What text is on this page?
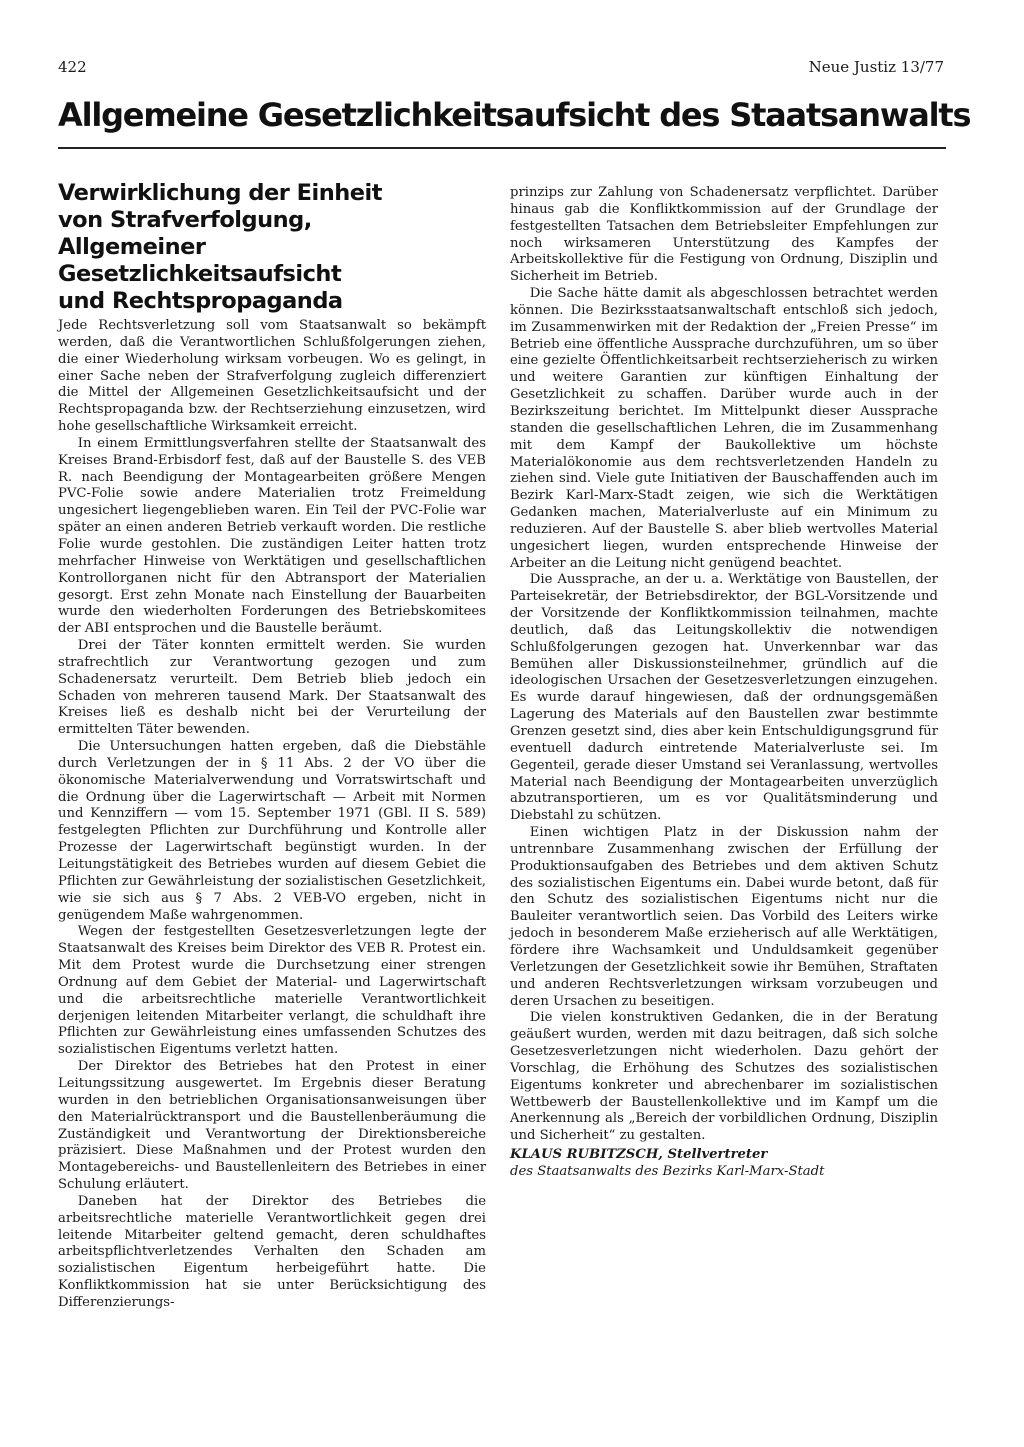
422	Neue Justiz 13/77
Allgemeine Gesetzlichkeitsaufsicht des Staatsanwalts
Verwirklichung der Einheit
von Strafverfolgung,
Allgemeiner Gesetzlichkeitsaufsicht
und Rechtspropaganda

Jede Rechtsverletzung soll vom Staatsanwalt so bekämpft werden, daß die Verantwortlichen Schlußfolgerungen ziehen, die einer Wiederholung wirksam vorbeugen. Wo es gelingt, in einer Sache neben der Strafverfolgung zugleich differenziert die Mittel der Allgemeinen Gesetzlichkeitsaufsicht und der Rechtspropaganda bzw. der Rechtserziehung einzusetzen, wird hohe gesellschaftliche Wirksamkeit erreicht.

In einem Ermittlungsverfahren stellte der Staatsanwalt des Kreises Brand-Erbisdorf fest, daß auf der Baustelle S. des VEB R. nach Beendigung der Montagearbeiten größere Mengen PVC-Folie sowie andere Materialien trotz Freimeldung ungesichert liegengeblieben waren. Ein Teil der PVC-Folie war später an einen anderen Betrieb verkauft worden. Die restliche Folie wurde gestohlen. Die zuständigen Leiter hatten trotz mehrfacher Hinweise von Werktätigen und gesellschaftlichen Kontrollorganen nicht für den Abtransport der Materialien gesorgt. Erst zehn Monate nach Einstellung der Bauarbeiten wurde den wiederholten Forderungen des Betriebskomitees der ABI entsprochen und die Baustelle beräumt.

Drei der Täter konnten ermittelt werden. Sie wurden strafrechtlich zur Verantwortung gezogen und zum Schadenersatz verurteilt. Dem Betrieb blieb jedoch ein Schaden von mehreren tausend Mark. Der Staatsanwalt des Kreises ließ es deshalb nicht bei der Verurteilung der ermittelten Täter bewenden.

Die Untersuchungen hatten ergeben, daß die Diebstähle durch Verletzungen der in § 11 Abs. 2 der VO über die ökonomische Materialverwendung und Vorratswirtschaft und die Ordnung über die Lagerwirtschaft — Arbeit mit Normen und Kennziffern — vom 15. September 1971 (GBl. II S. 589) festgelegten Pflichten zur Durchführung und Kontrolle aller Prozesse der Lagerwirtschaft begünstigt wurden. In der Leitungstätigkeit des Betriebes wurden auf diesem Gebiet die Pflichten zur Gewährleistung der sozialistischen Gesetzlichkeit, wie sie sich aus § 7 Abs. 2 VEB-VO ergeben, nicht in genügendem Maße wahrgenommen.

Wegen der festgestellten Gesetzesverletzungen legte der Staatsanwalt des Kreises beim Direktor des VEB R. Protest ein. Mit dem Protest wurde die Durchsetzung einer strengen Ordnung auf dem Gebiet der Material- und Lagerwirtschaft und die arbeitsrechtliche materielle Verantwortlichkeit derjenigen leitenden Mitarbeiter verlangt, die schuldhaft ihre Pflichten zur Gewährleistung eines umfassenden Schutzes des sozialistischen Eigentums verletzt hatten.

Der Direktor des Betriebes hat den Protest in einer Leitungssitzung ausgewertet. Im Ergebnis dieser Beratung wurden in den betrieblichen Organisationsanweisungen über den Materialrücktransport und die Baustellenberäumung die Zuständigkeit und Verantwortung der Direktionsbereiche präzisiert. Diese Maßnahmen und der Protest wurden den Montagebereichs- und Baustellenleitern des Betriebes in einer Schulung erläutert.

Daneben hat der Direktor des Betriebes die arbeitsrechtliche materielle Verantwortlichkeit gegen drei leitende Mitarbeiter geltend gemacht, deren schuldhaftes arbeitspflichtverletzendes Verhalten den Schaden am sozialistischen Eigentum herbeigeführt hatte. Die Konfliktkommission hat sie unter Berücksichtigung des Differenzierungs-

prinzips zur Zahlung von Schadenersatz verpflichtet. Darüber hinaus gab die Konfliktkommission auf der Grundlage der festgestellten Tatsachen dem Betriebsleiter Empfehlungen zur noch wirksameren Unterstützung des Kampfes der Arbeitskollektive für die Festigung von Ordnung, Disziplin und Sicherheit im Betrieb.

Die Sache hätte damit als abgeschlossen betrachtet werden können. Die Bezirksstaatsanwaltschaft entschloß sich jedoch, im Zusammenwirken mit der Redaktion der „Freien Presse“ im Betrieb eine öffentliche Aussprache durchzuführen, um so über eine gezielte Öffentlichkeitsarbeit rechtserzieherisch zu wirken und weitere Garantien zur künftigen Einhaltung der Gesetzlichkeit zu schaffen. Darüber wurde auch in der Bezirkszeitung berichtet. Im Mittelpunkt dieser Aussprache standen die gesellschaftlichen Lehren, die im Zusammenhang mit dem Kampf der Baukollektive um höchste Materialökonomie aus dem rechtsverletzenden Handeln zu ziehen sind. Viele gute Initiativen der Bauschaffenden auch im Bezirk Karl-Marx-Stadt zeigen, wie sich die Werktätigen Gedanken machen, Materialverluste auf ein Minimum zu reduzieren. Auf der Baustelle S. aber blieb wertvolles Material ungesichert liegen, wurden entsprechende Hinweise der Arbeiter an die Leitung nicht genügend beachtet.

Die Aussprache, an der u. a. Werktätige von Baustellen, der Parteisekretär, der Betriebsdirektor, der BGL-Vorsitzende und der Vorsitzende der Konfliktkommission teilnahmen, machte deutlich, daß das Leitungskollektiv die notwendigen Schlußfolgerungen gezogen hat. Unverkennbar war das Bemühen aller Diskussionsteilnehmer, gründlich auf die ideologischen Ursachen der Gesetzesverletzungen einzugehen. Es wurde darauf hingewiesen, daß der ordnungsgemäßen Lagerung des Materials auf den Baustellen zwar bestimmte Grenzen gesetzt sind, dies aber kein Entschuldigungsgrund für eventuell dadurch eintretende Materialverluste sei. Im Gegenteil, gerade dieser Umstand sei Veranlassung, wertvolles Material nach Beendigung der Montagearbeiten unverzüglich abzutransportieren, um es vor Qualitätsminderung und Diebstahl zu schützen.

Einen wichtigen Platz in der Diskussion nahm der untrennbare Zusammenhang zwischen der Erfüllung der Produktionsaufgaben des Betriebes und dem aktiven Schutz des sozialistischen Eigentums ein. Dabei wurde betont, daß für den Schutz des sozialistischen Eigentums nicht nur die Bauleiter verantwortlich seien. Das Vorbild des Leiters wirke jedoch in besonderem Maße erzieherisch auf alle Werktätigen, fördere ihre Wachsamkeit und Unduldsamkeit gegenüber Verletzungen der Gesetzlichkeit sowie ihr Bemühen, Straftaten und anderen Rechtsverletzungen wirksam vorzubeugen und deren Ursachen zu beseitigen.

Die vielen konstruktiven Gedanken, die in der Beratung geäußert wurden, werden mit dazu beitragen, daß sich solche Gesetzesverletzungen nicht wiederholen. Dazu gehört der Vorschlag, die Erhöhung des Schutzes des sozialistischen Eigentums konkreter und abrechenbarer im sozialistischen Wettbewerb der Baustellenkollektive und im Kampf um die Anerkennung als „Bereich der vorbildlichen Ordnung, Disziplin und Sicherheit“ zu gestalten.

KLAUS RUBITZSCH, Stellvertreter
des Staatsanwalts des Bezirks Karl-Marx-Stadt
